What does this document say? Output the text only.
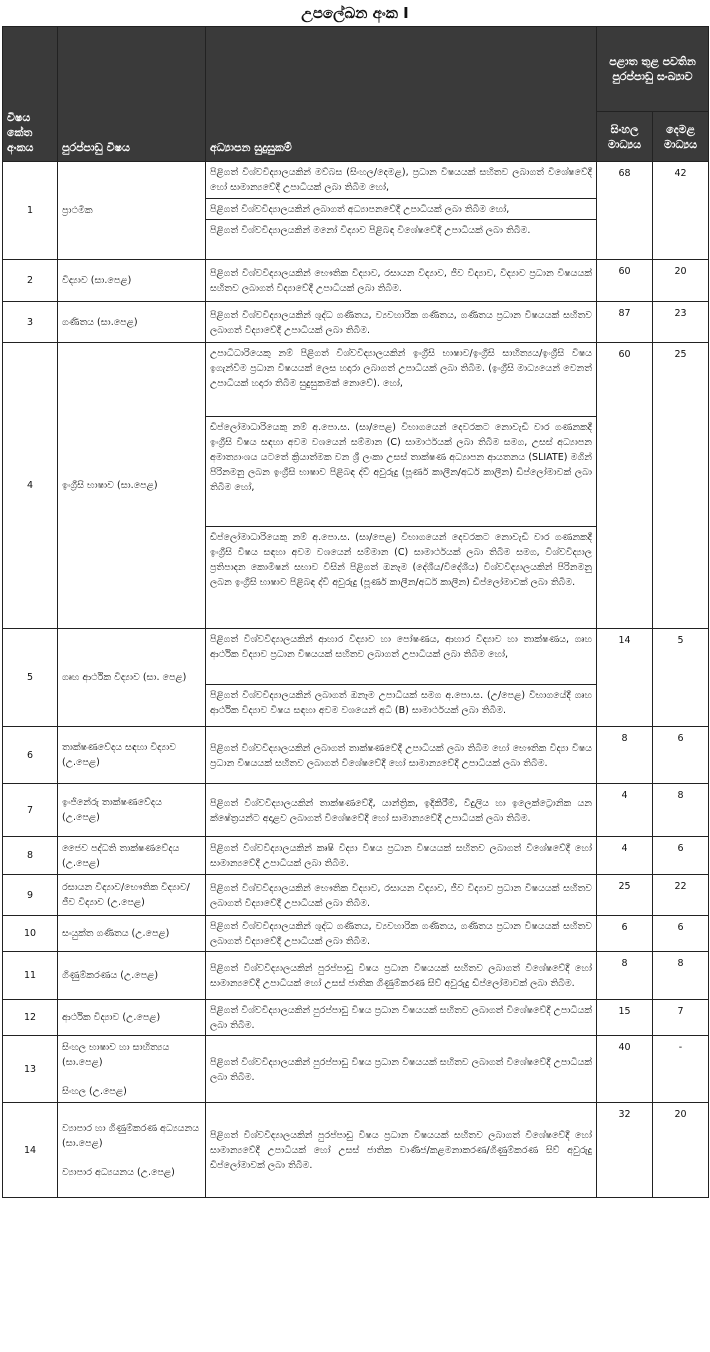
උපලේඛන අංක I
විෂය කේත අංකය	පුරප්පාඩු විෂය	අධ්‍යාපන සුදුසුකම්	පළාත තුළ පවතින පුරප්පාඩු සංඛ්‍යාව	
			සිංහල මාධ්‍යය	දෙමළ මාධ්‍යය
1	ප්‍රාථමික	පිළිගත් විශ්වවිද්‍යාලයකින් මව්බස (සිංහල/දෙමළ), ප්‍රධාන විෂයයක් සහිතව ලබාගත් විශේෂවේදී හෝ සාමාන්‍යවේදී උපාධියක් ලබා තිබීම හෝ,	68	42
		පිළිගත් විශ්වවිද්‍යාලයකින් ලබාගත් අධ්‍යාපනවේදී උපාධියක් ලබා තිබීම හෝ,		
		පිළිගත් විශ්වවිද්‍යාලයකින් මනෝ විද්‍යාව පිළිබඳ විශේෂවේදී උපාධියක් ලබා තිබීම.		
2	විද්‍යාව (සා.පෙළ)	පිළිගත් විශ්වවිද්‍යාලයකින් භෞතික විද්‍යාව, රසායන විද්‍යාව, ජීව විද්‍යාව, විද්‍යාව ප්‍රධාන විෂයයක් සහිතව ලබාගත් විද්‍යාවේදී උපාධියක් ලබා තිබීම.	60	20
3	ගණිතය (සා.පෙළ)	පිළිගත් විශ්වවිද්‍යාලයකින් ශුද්ධ ගණිතය, ව්‍යවහාරික ගණිතය, ගණිතය ප්‍රධාන විෂයයක් සහිතව ලබාගත් විද්‍යාවේදී උපාධියක් ලබා තිබීම.	87	23
4	ඉංග්‍රීසි භාෂාව (සා.පෙළ)	උපාධිධාරියෙකු නම් පිළිගත් විශ්වවිද්‍යාලයකින් ඉංග්‍රීසි භාෂාව/ඉංග්‍රීසි සාහිත්‍යය/ඉංග්‍රීසි විෂය ඉගැන්වීම ප්‍රධාන විෂයයක් ලෙස හදාරා ලබාගත් උපාධියක් ලබා තිබීම. (ඉංග්‍රීසි මාධ්‍යයෙන් වෙනත් උපාධියක් හදාරා තිබීම සුදුසුකමක් නොවේ). හෝ,	60	25
		ඩිප්ලෝමාධාරියෙකු නම් අ.පො.ස. (සා/පෙළ) විභාගයෙන් දෙවරකට නොවැඩි වාර ගණනකදී ඉංග්‍රීසි විෂය සඳහා අවම වශයෙන් සම්මාන (C) සාමාර්ථයක් ලබා තිබීම සමග, උසස් අධ්‍යාපන අමාත්‍යාංශය යටතේ ක්‍රියාත්මක වන ශ්‍රී ලංකා උසස් තාක්ෂණ අධ්‍යාපන ආයතනය (SLIATE) මගින් පිරිනමනු ලබන ඉංග්‍රීසි භාෂාව පිළිබඳ ද්වි අවුරුදු (පූර්ණ කාලීන/අර්ධ කාලීන) ඩිප්ලෝමාවක් ලබා තිබීම හෝ,		
		ඩිප්ලෝමාධාරියෙකු නම් අ.පො.ස. (සා/පෙළ) විභාගයෙන් දෙවරකට නොවැඩි වාර ගණනකදී ඉංග්‍රීසි විෂය සඳහා අවම වශයෙන් සම්මාන (C) සාමාර්ථයක් ලබා තිබීම සමග, විශ්වවිද්‍යාල ප්‍රතිපාදන කොමිෂන් සභාව විසින් පිළිගත් ඔනෑම (දේශීය/විදේශීය) විශ්වවිද්‍යාලයකින් පිරිනමනු ලබන ඉංග්‍රීසි භාෂාව පිළිබඳ ද්වි අවුරුදු (පූර්ණ කාලීන/අර්ධ කාලීන) ඩිප්ලෝමාවක් ලබා තිබීම.		
5	ගෘහ ආර්ථික විද්‍යාව (සා. පෙළ)	පිළිගත් විශ්වවිද්‍යාලයකින් ආහාර විද්‍යාව හා පෝෂණය, ආහාර විද්‍යාව හා තාක්ෂණය, ගෘහ ආර්ථික විද්‍යාව ප්‍රධාන විෂයයක් සහිතව ලබාගත් උපාධියක් ලබා තිබීම හෝ,	14	5
		පිළිගත් විශ්වවිද්‍යාලයකින් ලබාගත් ඔනෑම උපාධියක් සමග අ.පො.ස. (උ/පෙළ) විභාගයේදී ගෘහ ආර්ථික විද්‍යාව විෂය සඳහා අවම වශයෙන් අධි (B) සාමාර්ථයක් ලබා තිබීම.		
6	තාක්ෂණවේදය සඳහා විද්‍යාව (උ.පෙළ)	පිළිගත් විශ්වවිද්‍යාලයකින් ලබාගත් තාක්ෂණවේදී උපාධියක් ලබා තිබීම හෝ භෞතික විද්‍යා විෂය ප්‍රධාන විෂයයක් සහිතව ලබාගත් විශේෂවේදී හෝ සාමාන්‍යවේදී උපාධියක් ලබා තිබීම.	8	6
7	ඉංජිනේරු තාක්ෂණවේදය (උ.පෙළ)	පිළිගත් විශ්වවිද්‍යාලයකින් තාක්ෂණවේදී, යාන්ත්‍රික, ඉදිකිරීම්, විදුලිය හා ඉලෙක්ට්‍රොනික යන ක්ෂේත්‍රයන්ට අදාළව ලබාගත් විශේෂවේදී හෝ සාමාන්‍යවේදී උපාධියක් ලබා තිබීම.	4	8
8	ජෛව පද්ධති තාක්ෂණවේදය (උ.පෙළ)	පිළිගත් විශ්වවිද්‍යාලයකින් කෘෂි විද්‍යා විෂය ප්‍රධාන විෂයයක් සහිතව ලබාගත් විශේෂවේදී හෝ සාමාන්‍යවේදී උපාධියක් ලබා තිබීම.	4	6
9	රසායන විද්‍යාව/භෞතික විද්‍යාව/ජීව විද්‍යාව (උ.පෙළ)	පිළිගත් විශ්වවිද්‍යාලයකින් භෞතික විද්‍යාව, රසායන විද්‍යාව, ජීව විද්‍යාව ප්‍රධාන විෂයයක් සහිතව ලබාගත් විද්‍යාවේදී උපාධියක් ලබා තිබීම.	25	22
10	සංයුක්ත ගණිතය (උ.පෙළ)	පිළිගත් විශ්වවිද්‍යාලයකින් ශුද්ධ ගණිතය, ව්‍යවහාරික ගණිතය, ගණිතය ප්‍රධාන විෂයයක් සහිතව ලබාගත් විද්‍යාවේදී උපාධියක් ලබා තිබීම.	6	6
11	ගිණුම්කරණය (උ.පෙළ)	පිළිගත් විශ්වවිද්‍යාලයකින් පුරප්පාඩු විෂය ප්‍රධාන විෂයයක් සහිතව ලබාගත් විශේෂවේදී හෝ සාමාන්‍යවේදී උපාධියක් හෝ උසස් ජාතික ගිණුම්කරණ සිව් අවුරුදු ඩිප්ලෝමාවක් ලබා තිබීම.	8	8
12	ආර්ථික විද්‍යාව (උ.පෙළ)	පිළිගත් විශ්වවිද්‍යාලයකින් පුරප්පාඩු විෂය ප්‍රධාන විෂයයක් සහිතව ලබාගත් විශේෂවේදී උපාධියක් ලබා තිබීම.	15	7
13	සිංහල භාෂාව හා සාහිත්‍යය (සා.පෙළ)
සිංහල (උ.පෙළ)	පිළිගත් විශ්වවිද්‍යාලයකින් පුරප්පාඩු විෂය ප්‍රධාන විෂයයක් සහිතව ලබාගත් විශේෂවේදී උපාධියක් ලබා තිබීම.	40	-
14	ව්‍යාපාර හා ගිණුම්කරණ අධ්‍යයනය (සා.පෙළ)
ව්‍යාපාර අධ්‍යයනය (උ.පෙළ)	පිළිගත් විශ්වවිද්‍යාලයකින් පුරප්පාඩු විෂය ප්‍රධාන විෂයයක් සහිතව ලබාගත් විශේෂවේදී හෝ සාමාන්‍යවේදී උපාධියක් හෝ උසස් ජාතික වාණිජ/කළමනාකරණ/ගිණුම්කරණ සිව් අවුරුදු ඩිප්ලෝමාවක් ලබා තිබීම.	32	20
